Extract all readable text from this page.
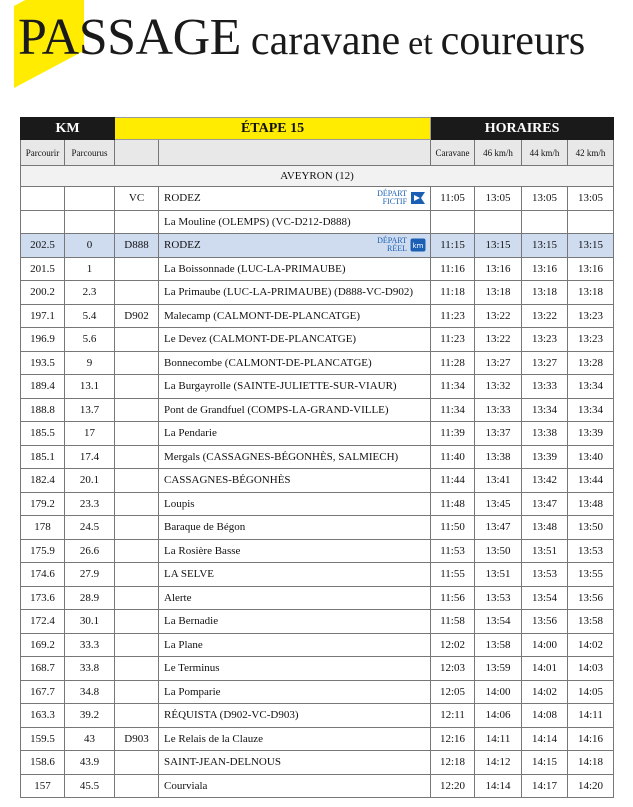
PASSAGE caravane et coureurs
KM		ÉTAPE 15		HORAIRES			
Parcourir	Parcourus			Caravane	46 km/h	44 km/h	42 km/h
AVEYRON (12)							
		VC	RODEZ DÉPART FICTIF	11:05	13:05	13:05	13:05
			La Mouline (OLEMPS) (VC-D212-D888)				
202.5	0	D888	RODEZ DÉPART RÉEL km	11:15	13:15	13:15	13:15
201.5	1		La Boissonnade (LUC-LA-PRIMAUBE)	11:16	13:16	13:16	13:16
200.2	2.3		La Primaube (LUC-LA-PRIMAUBE) (D888-VC-D902)	11:18	13:18	13:18	13:18
197.1	5.4	D902	Malecamp (CALMONT-DE-PLANCATGE)	11:23	13:22	13:22	13:23
196.9	5.6		Le Devez (CALMONT-DE-PLANCATGE)	11:23	13:22	13:23	13:23
193.5	9		Bonnecombe (CALMONT-DE-PLANCATGE)	11:28	13:27	13:27	13:28
189.4	13.1		La Burgayrolle (SAINTE-JULIETTE-SUR-VIAUR)	11:34	13:32	13:33	13:34
188.8	13.7		Pont de Grandfuel (COMPS-LA-GRAND-VILLE)	11:34	13:33	13:34	13:34
185.5	17		La Pendarie	11:39	13:37	13:38	13:39
185.1	17.4		Mergals (CASSAGNES-BÉGONHÈS, SALMIECH)	11:40	13:38	13:39	13:40
182.4	20.1		CASSAGNES-BÉGONHÈS	11:44	13:41	13:42	13:44
179.2	23.3		Loupis	11:48	13:45	13:47	13:48
178	24.5		Baraque de Bégon	11:50	13:47	13:48	13:50
175.9	26.6		La Rosière Basse	11:53	13:50	13:51	13:53
174.6	27.9		LA SELVE	11:55	13:51	13:53	13:55
173.6	28.9		Alerte	11:56	13:53	13:54	13:56
172.4	30.1		La Bernadie	11:58	13:54	13:56	13:58
169.2	33.3		La Plane	12:02	13:58	14:00	14:02
168.7	33.8		Le Terminus	12:03	13:59	14:01	14:03
167.7	34.8		La Pomparie	12:05	14:00	14:02	14:05
163.3	39.2		RÉQUISTA (D902-VC-D903)	12:11	14:06	14:08	14:11
159.5	43	D903	Le Relais de la Clauze	12:16	14:11	14:14	14:16
158.6	43.9		SAINT-JEAN-DELNOUS	12:18	14:12	14:15	14:18
157	45.5		Courviala	12:20	14:14	14:17	14:20
